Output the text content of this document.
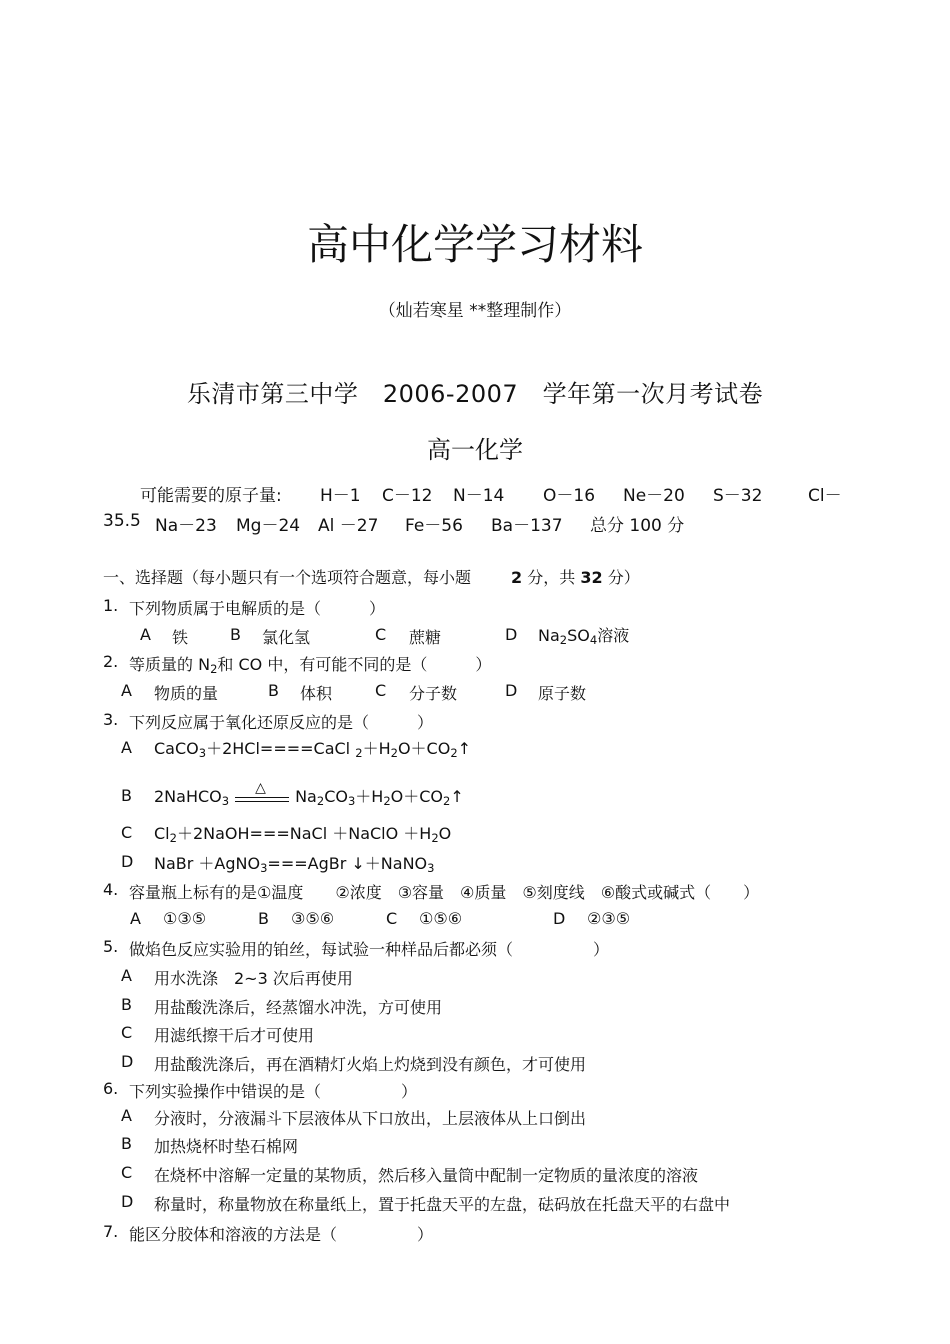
高中化学学习材料
（灿若寒星 **整理制作）
乐清市第三中学　2006-2007　学年第一次月考试卷
高一化学
可能需要的原子量: H－1 C－12 N－14 O－16 Ne－20 S－32	Cl－
35.5 Na－23 Mg－24 Al －27 Fe－56 Ba－137 总分 100 分
一、选择题（每小题只有一个选项符合题意，每小题	2 分，共 32 分）
1. 下列物质属于电解质的是（　　　）
A 铁	B 氯化氢	C 蔗糖	D $Na_2SO_4$溶液
2. 等质量的 $N_2$和 CO 中，有可能不同的是（　　　）
A 物质的量	B 体积	C 分子数	D 原子数
3. 下列反应属于氧化还原反应的是（　　　）
A CaCO$_3$＋2HCl====CaCl $_2+H_2O+CO_2↑$
B 2NaHCO$_3$
△ $Na_2CO_3+H_2O+CO_2↑$
C $Cl_2+2NaOH===NaCl$ ＋NaClO $+H_2O$
D NaBr ＋AgNO$_3$===AgBr ↓＋NaNO$_3$
4. 容量瓶上标有的是①温度　　②浓度　③容量　④质量　⑤刻度线　⑥酸式或碱式（　　）
A ①③⑤	B ③⑤⑥	C ①⑤⑥	D ②③⑤
5. 做焰色反应实验用的铂丝，每试验一种样品后都必须（　　　　　）
A 用水洗涤　2~3 次后再使用
B 用盐酸洗涤后，经蒸馏水冲洗，方可使用
C 用滤纸擦干后才可使用
D 用盐酸洗涤后，再在酒精灯火焰上灼烧到没有颜色，才可使用
6. 下列实验操作中错误的是（　　　　　）
A 分液时，分液漏斗下层液体从下口放出，上层液体从上口倒出
B 加热烧杯时垫石棉网
C 在烧杯中溶解一定量的某物质，然后移入量筒中配制一定物质的量浓度的溶液
D 称量时，称量物放在称量纸上，置于托盘天平的左盘，砝码放在托盘天平的右盘中
7. 能区分胶体和溶液的方法是（　　　　　）
